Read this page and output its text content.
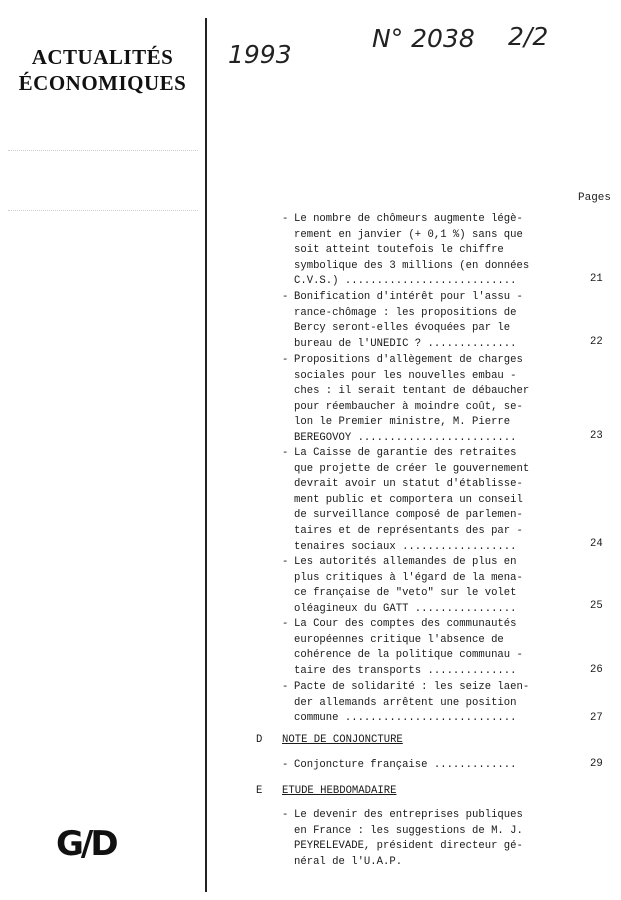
ACTUALITÉS
ÉCONOMIQUES
G/D
1993
N° 2038 2/2
Pages
- Le nombre de chômeurs augmente légè-
rement en janvier (+ 0,1 %) sans que
soit atteint toutefois le chiffre
symbolique des 3 millions (en données
C.V.S.) ...........................	21
- Bonification d'intérêt pour l'assu -
rance-chômage : les propositions de
Bercy seront-elles évoquées par le
bureau de l'UNEDIC ? ..............	22
- Propositions d'allègement de charges
sociales pour les nouvelles embau -
ches : il serait tentant de débaucher
pour réembaucher à moindre coût, se-
lon le Premier ministre, M. Pierre
BEREGOVOY .........................	23
- La Caisse de garantie des retraites
que projette de créer le gouvernement
devrait avoir un statut d'établisse-
ment public et comportera un conseil
de surveillance composé de parlemen-
taires et de représentants des par -
tenaires sociaux ..................	24
- Les autorités allemandes de plus en
plus critiques à l'égard de la mena-
ce française de "veto" sur le volet
oléagineux du GATT ................	25
- La Cour des comptes des communautés
européennes critique l'absence de
cohérence de la politique communau -
taire des transports ..............	26
- Pacte de solidarité : les seize laen-
der allemands arrêtent une position
commune ...........................	27
D NOTE DE CONJONCTURE
- Conjoncture française .............	29
E ETUDE HEBDOMADAIRE
- Le devenir des entreprises publiques
en France : les suggestions de M. J.
PEYRELEVADE, président directeur gé-
néral de l'U.A.P.
